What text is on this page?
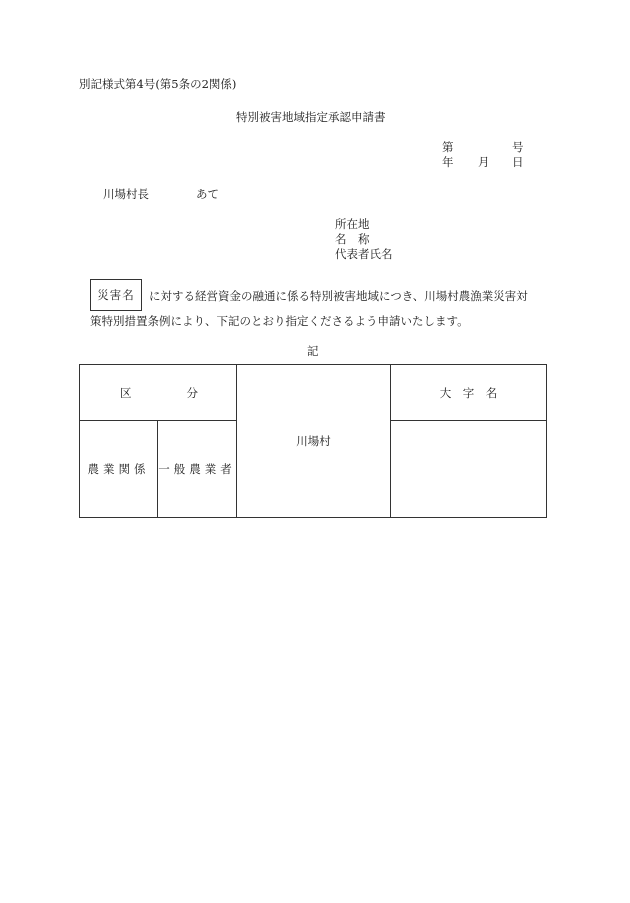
別記様式第4号(第5条の2関係)
特別被害地域指定承認申請書
第	号
年 月 日
川場村長	あて
所在地
名　称
代表者氏名
災害名 に対する経営資金の融通に係る特別被害地域につき、川場村農漁業災害対
策特別措置条例により、下記のとおり指定くださるよう申請いたします。
記
区 分		川場村	大　字　名
農業関係	一般農業者		
